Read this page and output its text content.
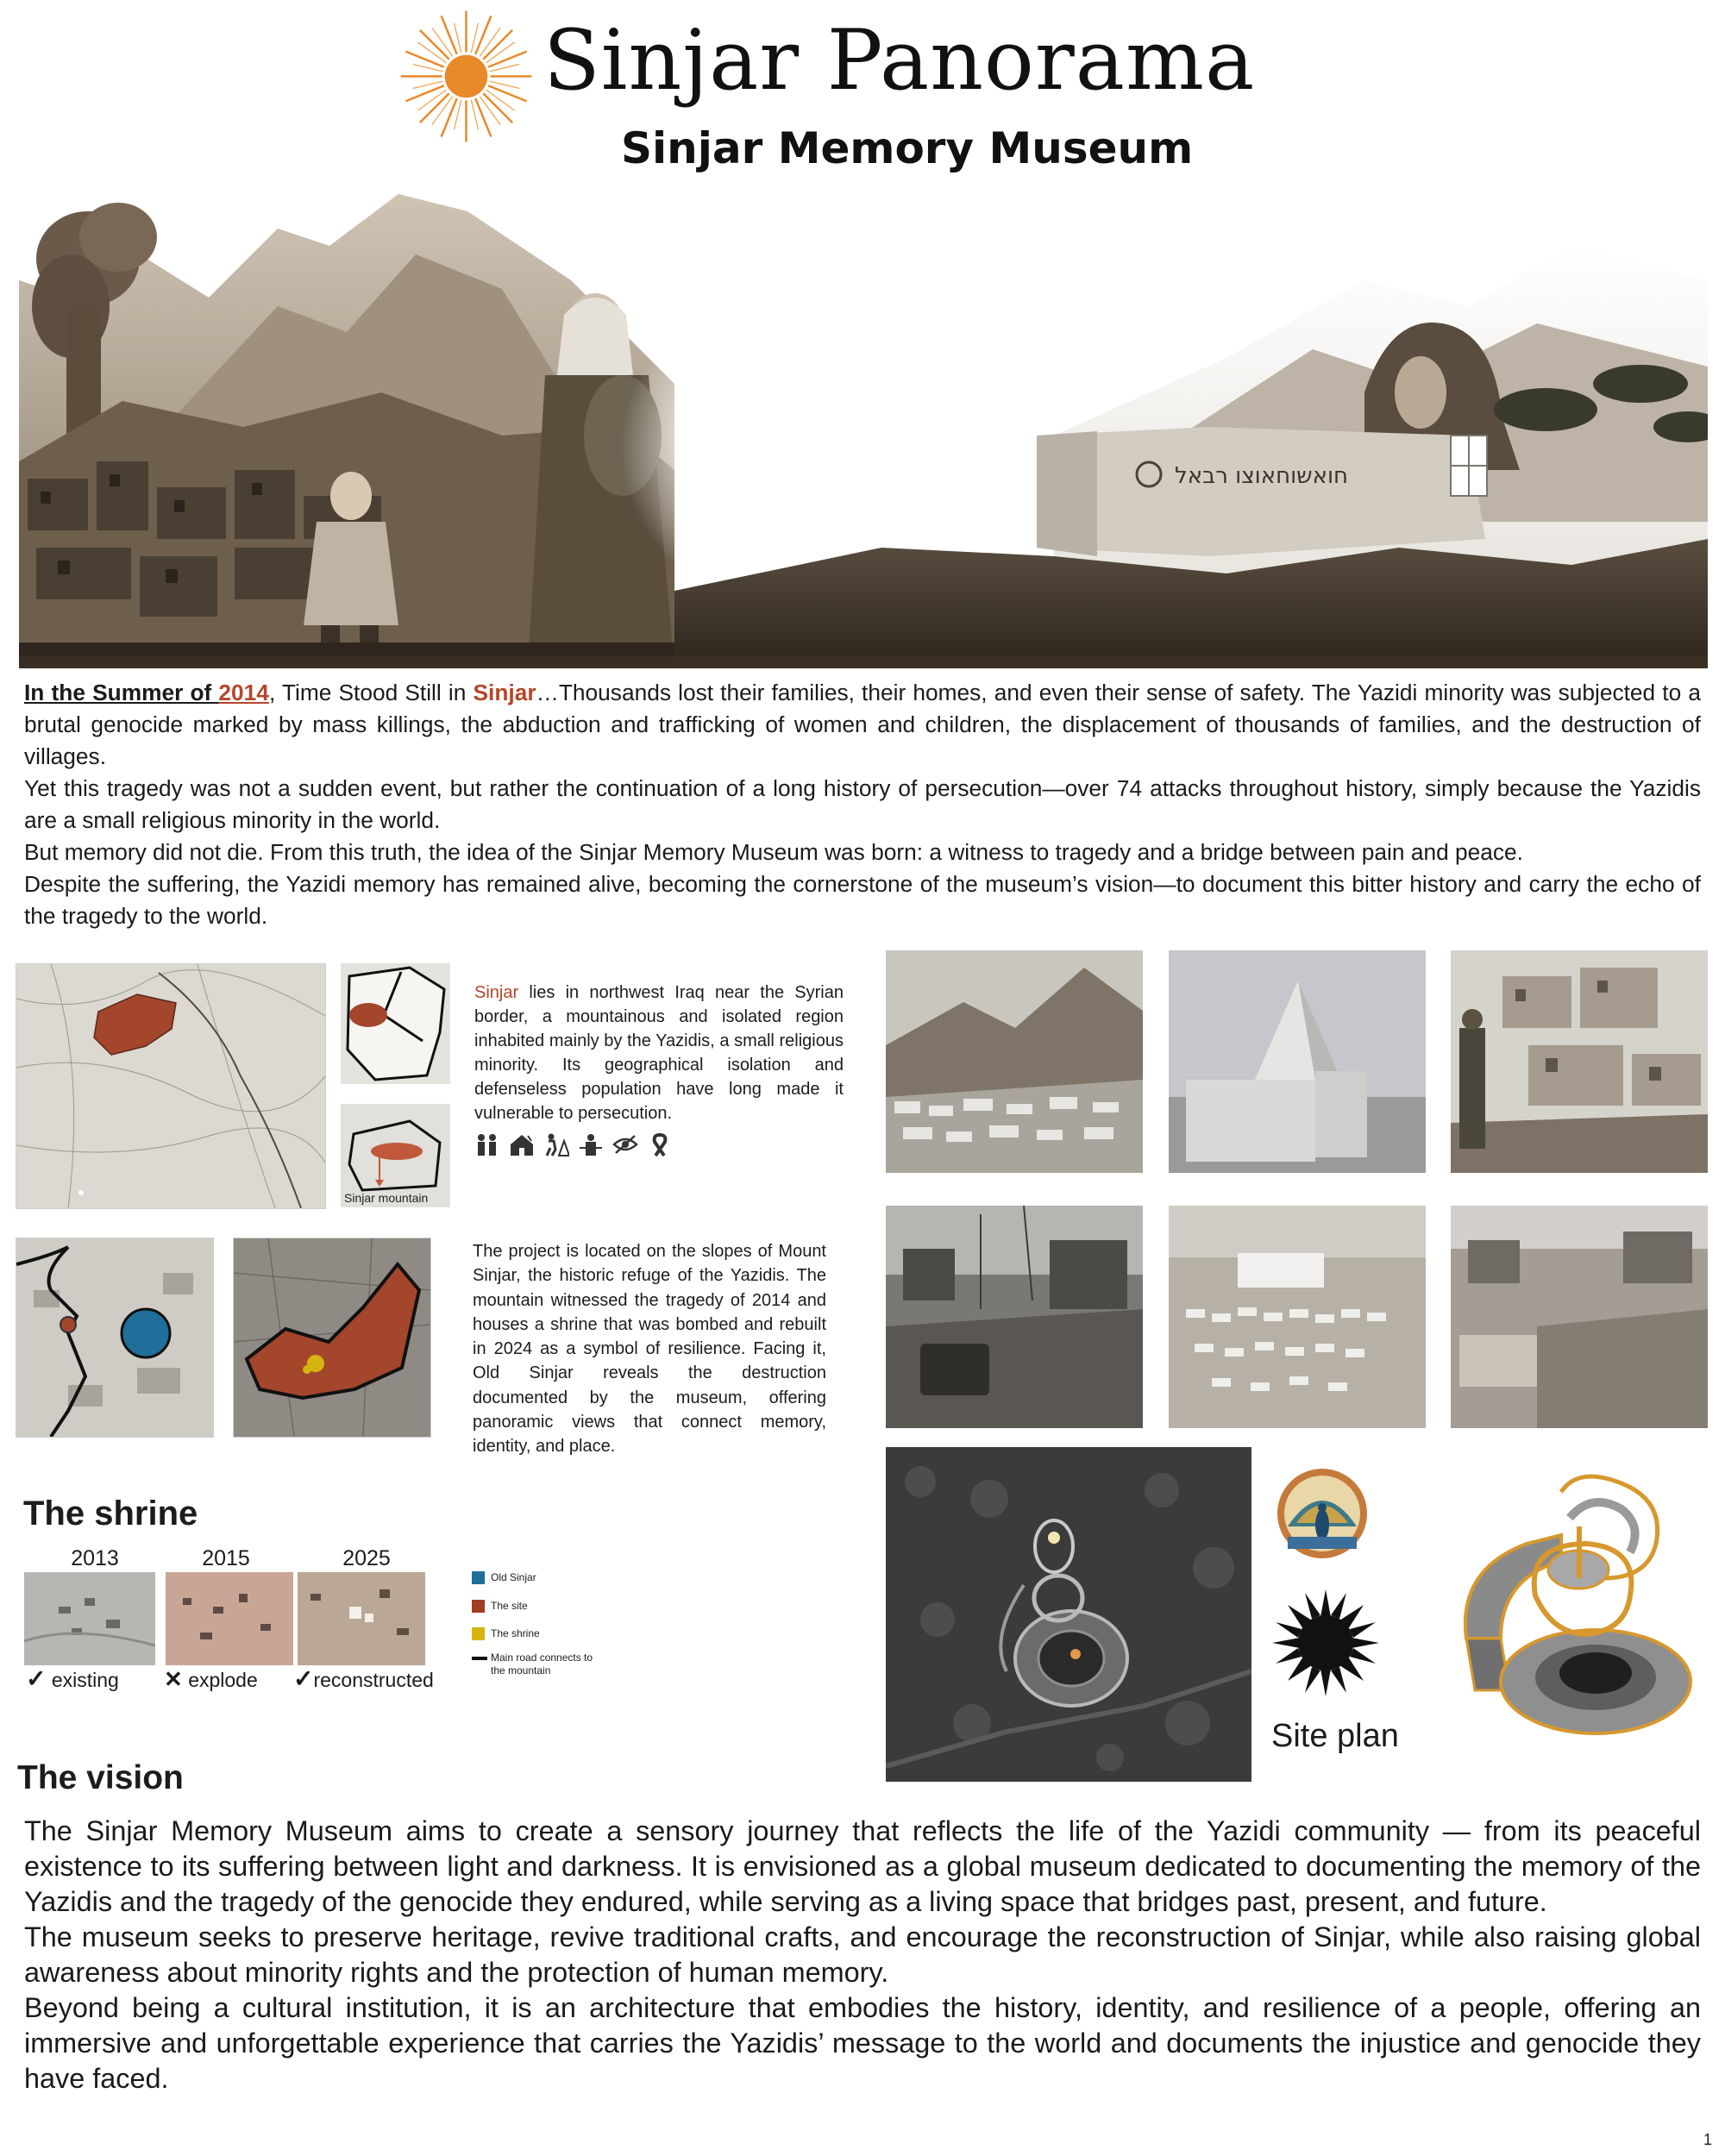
Sinjar Panorama
Sinjar Memory Museum
חואשוחאוצו רבאל

In the Summer of 2014, Time Stood Still in Sinjar…Thousands lost their families, their homes, and even their sense of safety. The Yazidi minority was subjected to a brutal genocide marked by mass killings, the abduction and trafficking of women and children, the displacement of thousands of families, and the destruction of villages.

Yet this tragedy was not a sudden event, but rather the continuation of a long history of persecution—over 74 attacks throughout history, simply because the Yazidis are a small religious minority in the world.

But memory did not die. From this truth, the idea of the Sinjar Memory Museum was born: a witness to tragedy and a bridge between pain and peace.

Despite the suffering, the Yazidi memory has remained alive, becoming the cornerstone of the museum’s vision—to document this bitter history and carry the echo of the tragedy to the world.

Sinjar mountain
Sinjar lies in northwest Iraq near the Syrian border, a mountainous and isolated region inhabited mainly by the Yazidis, a small religious minority. Its geographical isolation and defenseless population have long made it vulnerable to persecution.
The project is located on the slopes of Mount Sinjar, the historic refuge of the Yazidis. The mountain witnessed the tragedy of 2014 and houses a shrine that was bombed and rebuilt in 2024 as a symbol of resilience. Facing it, Old Sinjar reveals the destruction documented by the museum, offering panoramic views that connect memory, identity, and place.
The shrine
2013	2015	2025
✓ existing ✕ explode ✓reconstructed
Old Sinjar
The site
The shrine
Main road connects to the mountain
Site plan
The vision

The Sinjar Memory Museum aims to create a sensory journey that reflects the life of the Yazidi community — from its peaceful existence to its suffering between light and darkness. It is envisioned as a global museum dedicated to documenting the memory of the Yazidis and the tragedy of the genocide they endured, while serving as a living space that bridges past, present, and future.

The museum seeks to preserve heritage, revive traditional crafts, and encourage the reconstruction of Sinjar, while also raising global awareness about minority rights and the protection of human memory.

Beyond being a cultural institution, it is an architecture that embodies the history, identity, and resilience of a people, offering an immersive and unforgettable experience that carries the Yazidis’ message to the world and documents the injustice and genocide they have faced.

1
